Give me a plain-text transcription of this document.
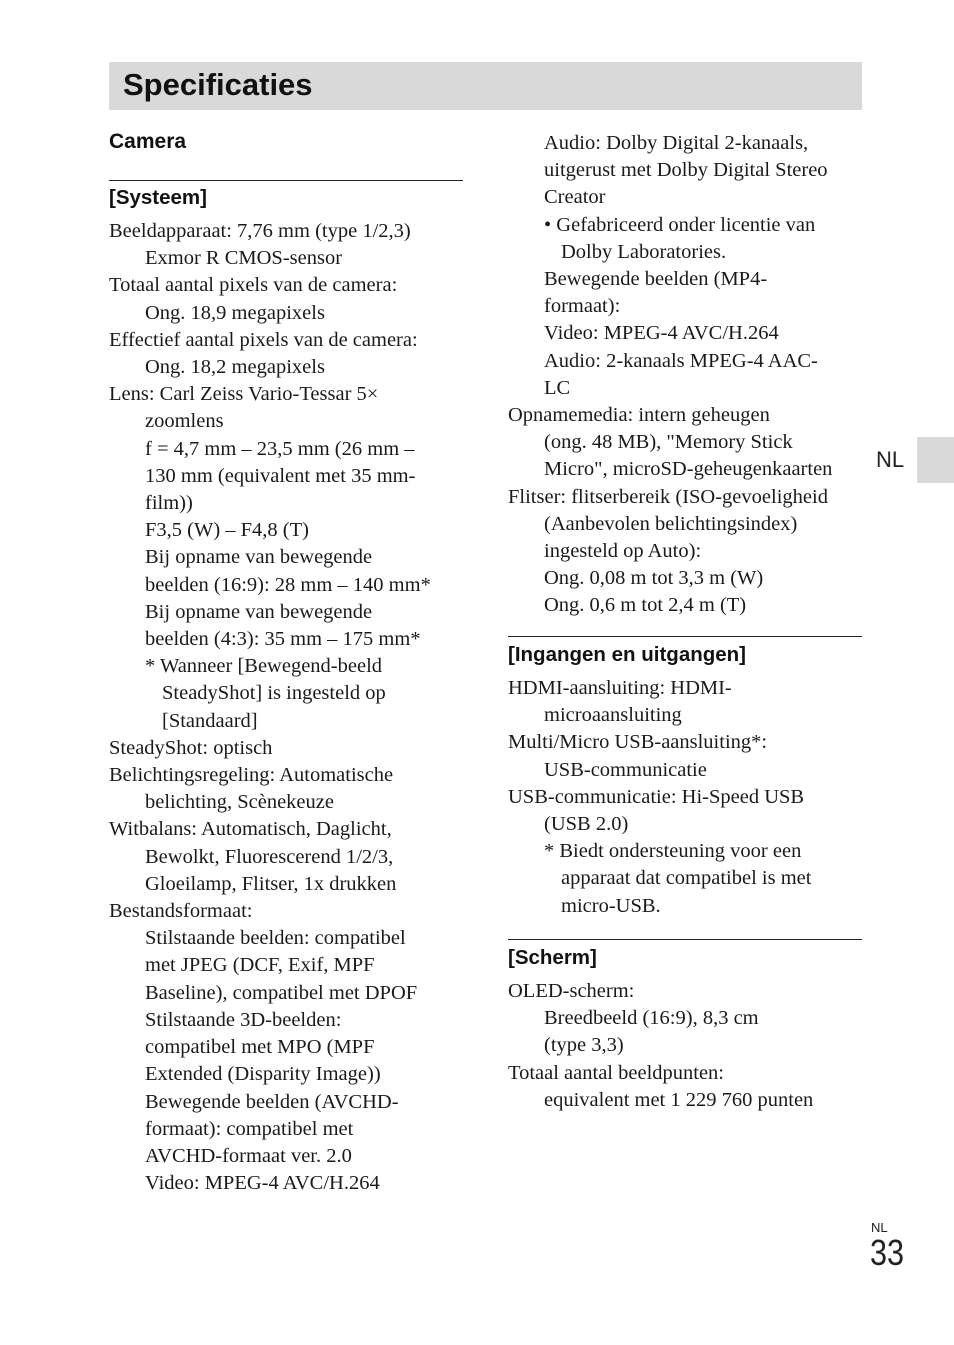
Specificaties
Camera
[Systeem]
Beeldapparaat: 7,76 mm (type 1/2,3)
Exmor R CMOS-sensor
Totaal aantal pixels van de camera:
Ong. 18,9 megapixels
Effectief aantal pixels van de camera:
Ong. 18,2 megapixels
Lens: Carl Zeiss Vario-Tessar 5×
zoomlens
f = 4,7 mm – 23,5 mm (26 mm –
130 mm (equivalent met 35 mm-
film))
F3,5 (W) – F4,8 (T)
Bij opname van bewegende
beelden (16:9): 28 mm – 140 mm*
Bij opname van bewegende
beelden (4:3): 35 mm – 175 mm*
* Wanneer [Bewegend-beeld
SteadyShot] is ingesteld op
[Standaard]
SteadyShot: optisch
Belichtingsregeling: Automatische
belichting, Scènekeuze
Witbalans: Automatisch, Daglicht,
Bewolkt, Fluorescerend 1/2/3,
Gloeilamp, Flitser, 1x drukken
Bestandsformaat:
Stilstaande beelden: compatibel
met JPEG (DCF, Exif, MPF
Baseline), compatibel met DPOF
Stilstaande 3D-beelden:
compatibel met MPO (MPF
Extended (Disparity Image))
Bewegende beelden (AVCHD-
formaat): compatibel met
AVCHD-formaat ver. 2.0
Video: MPEG-4 AVC/H.264
Audio: Dolby Digital 2-kanaals,
uitgerust met Dolby Digital Stereo
Creator
• Gefabriceerd onder licentie van
Dolby Laboratories.
Bewegende beelden (MP4-
formaat):
Video: MPEG-4 AVC/H.264
Audio: 2-kanaals MPEG-4 AAC-
LC
Opnamemedia: intern geheugen
(ong. 48 MB), "Memory Stick
Micro", microSD-geheugenkaarten
Flitser: flitserbereik (ISO-gevoeligheid
(Aanbevolen belichtingsindex)
ingesteld op Auto):
Ong. 0,08 m tot 3,3 m (W)
Ong. 0,6 m tot 2,4 m (T)
[Ingangen en uitgangen]
HDMI-aansluiting: HDMI-
microaansluiting
Multi/Micro USB-aansluiting*:
USB-communicatie
USB-communicatie: Hi-Speed USB
(USB 2.0)
* Biedt ondersteuning voor een
apparaat dat compatibel is met
micro-USB.
[Scherm]
OLED-scherm:
Breedbeeld (16:9), 8,3 cm
(type 3,3)
Totaal aantal beeldpunten:
equivalent met 1 229 760 punten
NL
NL
33
